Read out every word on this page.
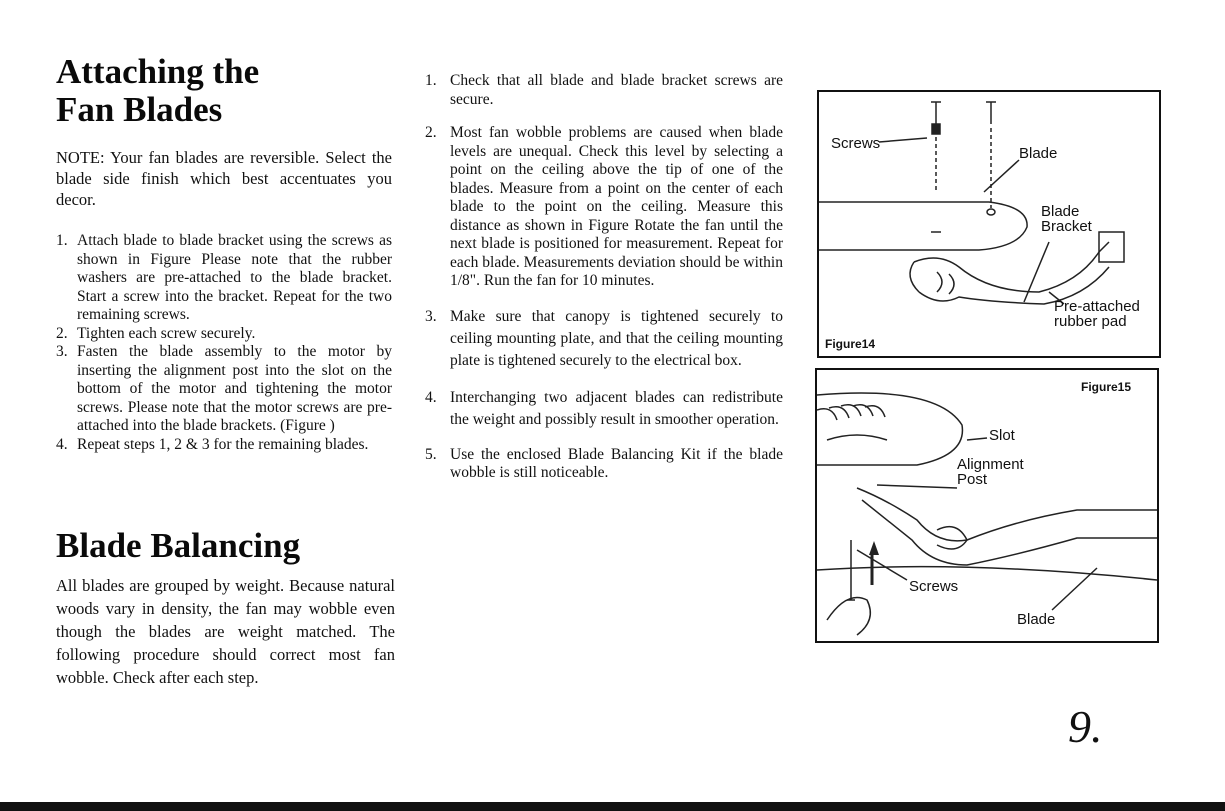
Attaching the
Fan Blades
NOTE: Your fan blades are reversible. Select the blade side finish which best accentuates you decor.
1. Attach blade to blade bracket using the screws as shown in Figure Please note that the rubber washers are pre-attached to the blade bracket. Start a screw into the bracket. Repeat for the two remaining screws.
2. Tighten each screw securely.
3. Fasten the blade assembly to the motor by inserting the alignment post into the slot on the bottom of the motor and tightening the motor screws. Please note that the motor screws are pre-attached into the blade brackets. (Figure )
4. Repeat steps 1, 2 & 3 for the remaining blades.
Blade Balancing
All blades are grouped by weight. Because natural woods vary in density, the fan may wobble even though the blades are weight matched. The following procedure should correct most fan wobble. Check after each step.
1. Check that all blade and blade bracket screws are secure.
2. Most fan wobble problems are caused when blade levels are unequal. Check this level by selecting a point on the ceiling above the tip of one of the blades. Measure from a point on the center of each blade to the point on the ceiling. Measure this distance as shown in Figure Rotate the fan until the next blade is positioned for measurement. Repeat for each blade. Measurements deviation should be within 1/8". Run the fan for 10 minutes.
3. Make sure that canopy is tightened securely to ceiling mounting plate, and that the ceiling mounting plate is tightened securely to the electrical box.
4. Interchanging two adjacent blades can redistribute the weight and possibly result in smoother operation.
5. Use the enclosed Blade Balancing Kit if the blade wobble is still noticeable.
Screws
Blade
Blade
Bracket
Pre-attached
rubber pad
Figure14
Figure15
Slot
Alignment
Post
Screws
Blade
9.
